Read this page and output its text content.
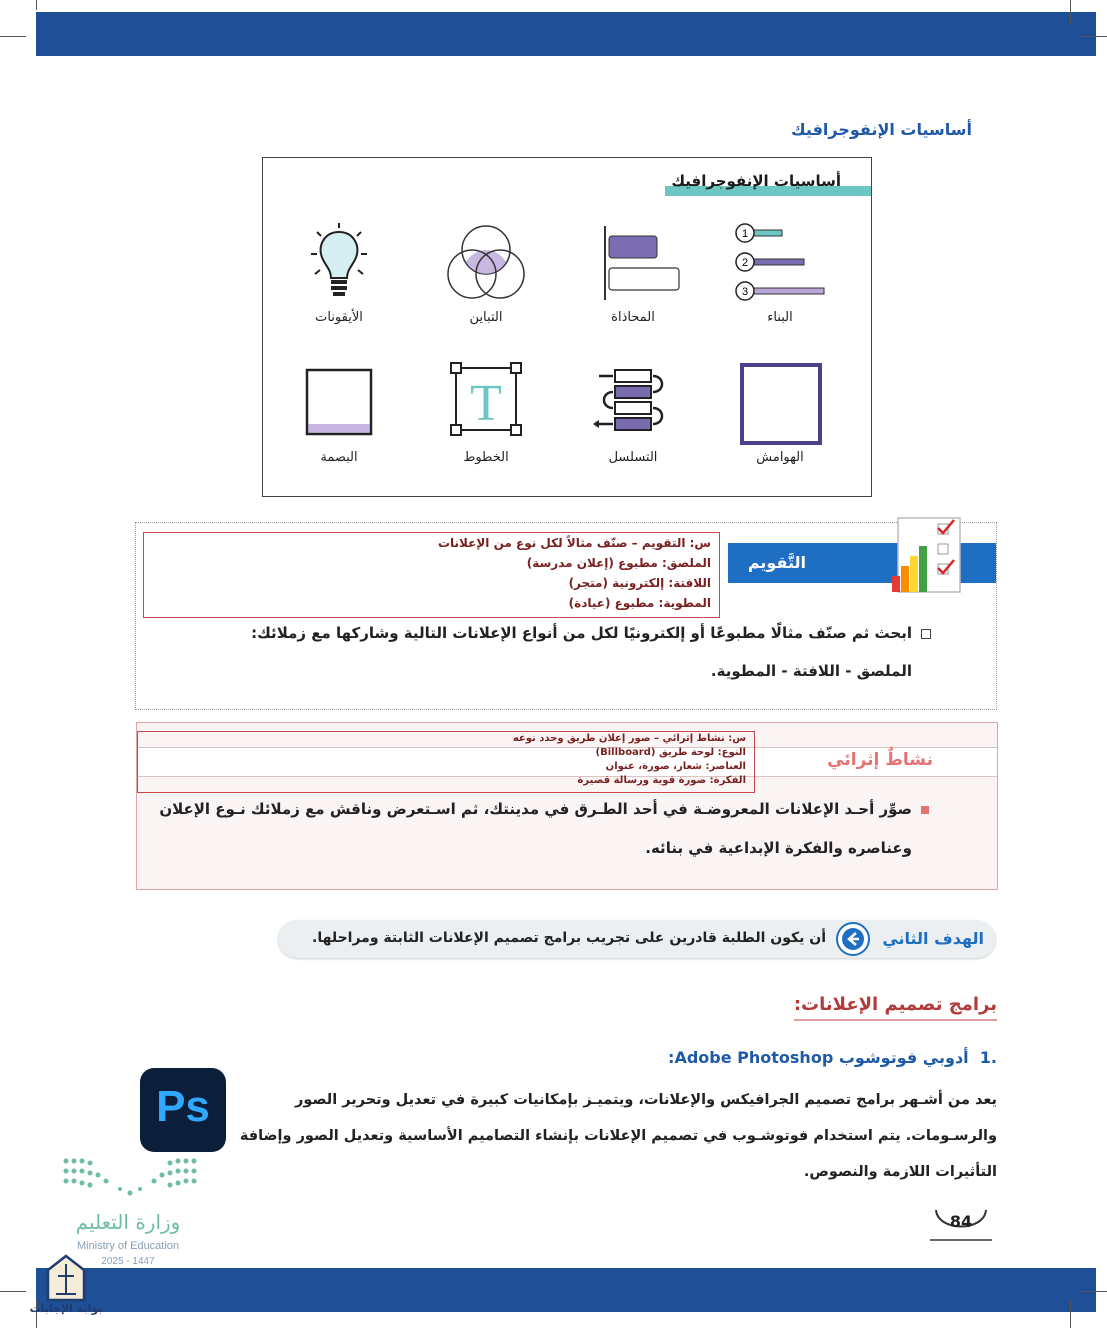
أساسيات الإنفوجرافيك
أساسيات الإنفوجرافيك
1
2
3
البناء
المحاذاة
التباين
الأيقونات
الهوامش
التسلسل
T
الخطوط
البصمة
التَّقويم
س: التقويم – صنّف مثالاً لكل نوع من الإعلانات
الملصق: مطبوع (إعلان مدرسة)
اللافتة: إلكترونية (متجر)
المطوية: مطبوع (عيادة)
ابحث ثم صنّف مثالًا مطبوعًا أو إلكترونيًا لكل من أنواع الإعلانات التالية وشاركها مع زملائك:
الملصق - اللافتة - المطوية.
نشاطٌ إثرائي
س: نشاط إثرائي – صور إعلان طريق وحدد نوعه
النوع: لوحة طريق (Billboard)
العناصر: شعار، صورة، عنوان
الفكرة: صورة قوية ورسالة قصيرة
صوِّر أحـد الإعلانات المعروضـة في أحد الطـرق في مدينتك، ثم اسـتعرض وناقش مع زملائك نـوع الإعلان
وعناصره والفكرة الإبداعية في بنائه.
الهدف الثاني
أن يكون الطلبة قادرين على تجريب برامج تصميم الإعلانات الثابتة ومراحلها.
برامج تصميم الإعلانات:
.1  أدوبي فوتوشوب Adobe Photoshop:
Ps	يعد من أشـهر برامج تصميم الجرافيكس والإعلانات، ويتميـز بإمكانيات كبيرة في تعديل وتحرير الصور
والرسـومات. يتم استخدام فوتوشـوب في تصميم الإعلانات بإنشاء التصاميم الأساسية وتعديل الصور وإضافة
التأثيرات اللازمة والنصوص.
84
وزارة التعليم
Ministry of Education
2025 - 1447
بوابة الإجابات
